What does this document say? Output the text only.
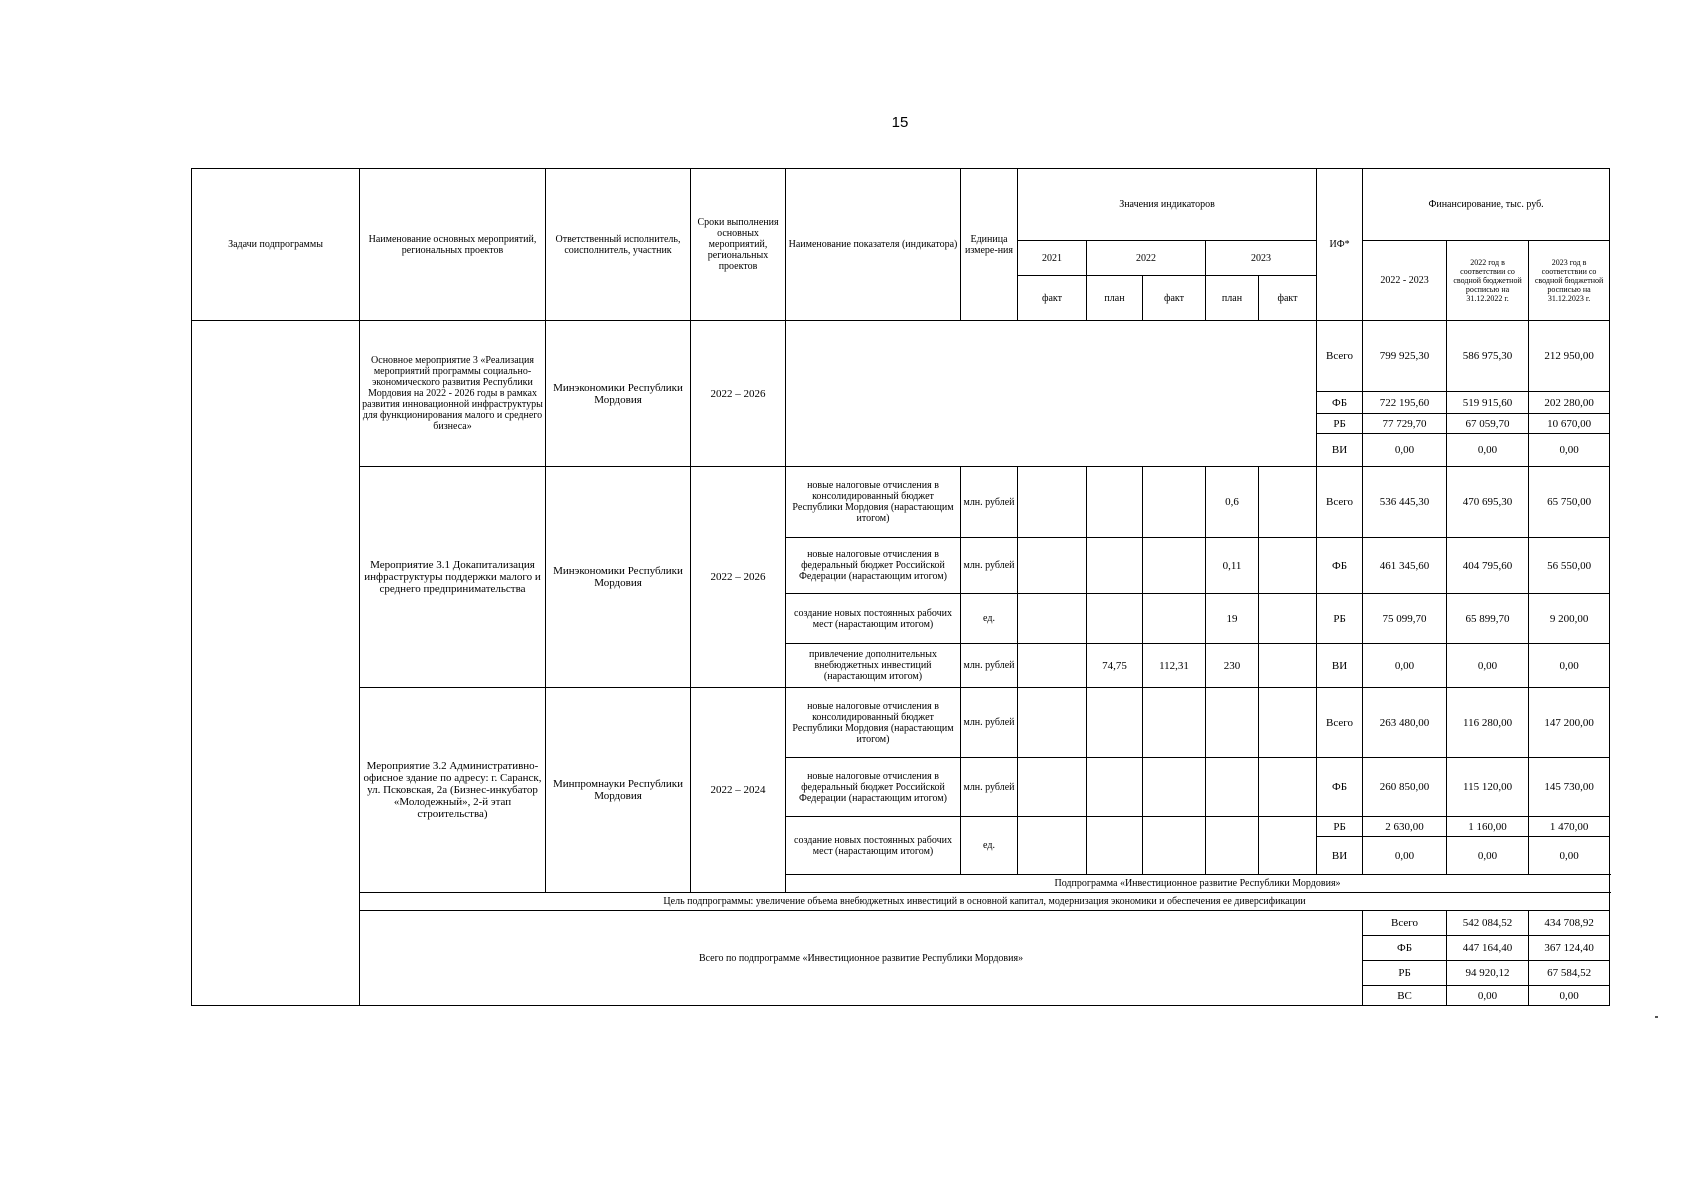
15
Задачи подпрограммы	Наименование основных мероприятий, региональных проектов	Ответственный исполнитель, соисполнитель, участник	Сроки выполнения основных мероприятий, региональных проектов	Наименование показателя (индикатора)	Единица измере-ния	Значения индикаторов					ИФ*	Финансирование, тыс. руб.			
						2021	2022		2023			2022 - 2023	2022 год в соответствии со сводной бюджетной росписью на 31.12.2022 г.	2023 год в соответствии со сводной бюджетной росписью на 31.12.2023 г.	
						факт	план	факт	план	факт					
	Основное мероприятие 3 «Реализация мероприятий программы социально-экономического развития Республики Мордовия на 2022 - 2026 годы в рамках развития инновационной инфраструктуры для функционирования малого и среднего бизнеса»	Минэкономики Республики Мордовия	2022 – 2026								Всего	799 925,30	586 975,30	212 950,00	
											ФБ	722 195,60	519 915,60	202 280,00	
											РБ	77 729,70	67 059,70	10 670,00	
											ВИ	0,00	0,00	0,00	
	Мероприятие 3.1 Докапитализация инфраструктуры поддержки малого и среднего предпринимательства	Минэкономики Республики Мордовия	2022 – 2026	новые налоговые отчисления в консолидированный бюджет Республики Мордовия (нарастающим итогом)	млн. рублей				0,6		Всего	536 445,30	470 695,30	65 750,00	
				новые налоговые отчисления в федеральный бюджет Российской Федерации (нарастающим итогом)	млн. рублей				0,11		ФБ	461 345,60	404 795,60	56 550,00	
				создание новых постоянных рабочих мест (нарастающим итогом)	ед.				19		РБ	75 099,70	65 899,70	9 200,00	
				привлечение дополнительных внебюджетных инвестиций (нарастающим итогом)	млн. рублей		74,75	112,31	230		ВИ	0,00	0,00	0,00	
	Мероприятие 3.2 Административно-офисное здание по адресу: г. Саранск, ул. Псковская, 2а (Бизнес-инкубатор «Молодежный», 2-й этап строительства)	Минпромнауки Республики Мордовия	2022 – 2024	новые налоговые отчисления в консолидированный бюджет Республики Мордовия (нарастающим итогом)	млн. рублей						Всего	263 480,00	116 280,00	147 200,00	
				новые налоговые отчисления в федеральный бюджет Российской Федерации (нарастающим итогом)	млн. рублей						ФБ	260 850,00	115 120,00	145 730,00	
				создание новых постоянных рабочих мест (нарастающим итогом)	ед.						РБ	2 630,00	1 160,00	1 470,00	
											ВИ	0,00	0,00	0,00	
				Подпрограмма «Инвестиционное развитие Республики Мордовия»											
	Цель подпрограммы: увеличение объема внебюджетных инвестиций в основной капитал, модернизация экономики и обеспечения ее диверсификации														
	Всего по подпрограмме «Инвестиционное развитие Республики Мордовия»											Всего	542 084,52	434 708,92	
												ФБ	447 164,40	367 124,40	
												РБ	94 920,12	67 584,52	
												ВС	0,00	0,00	
